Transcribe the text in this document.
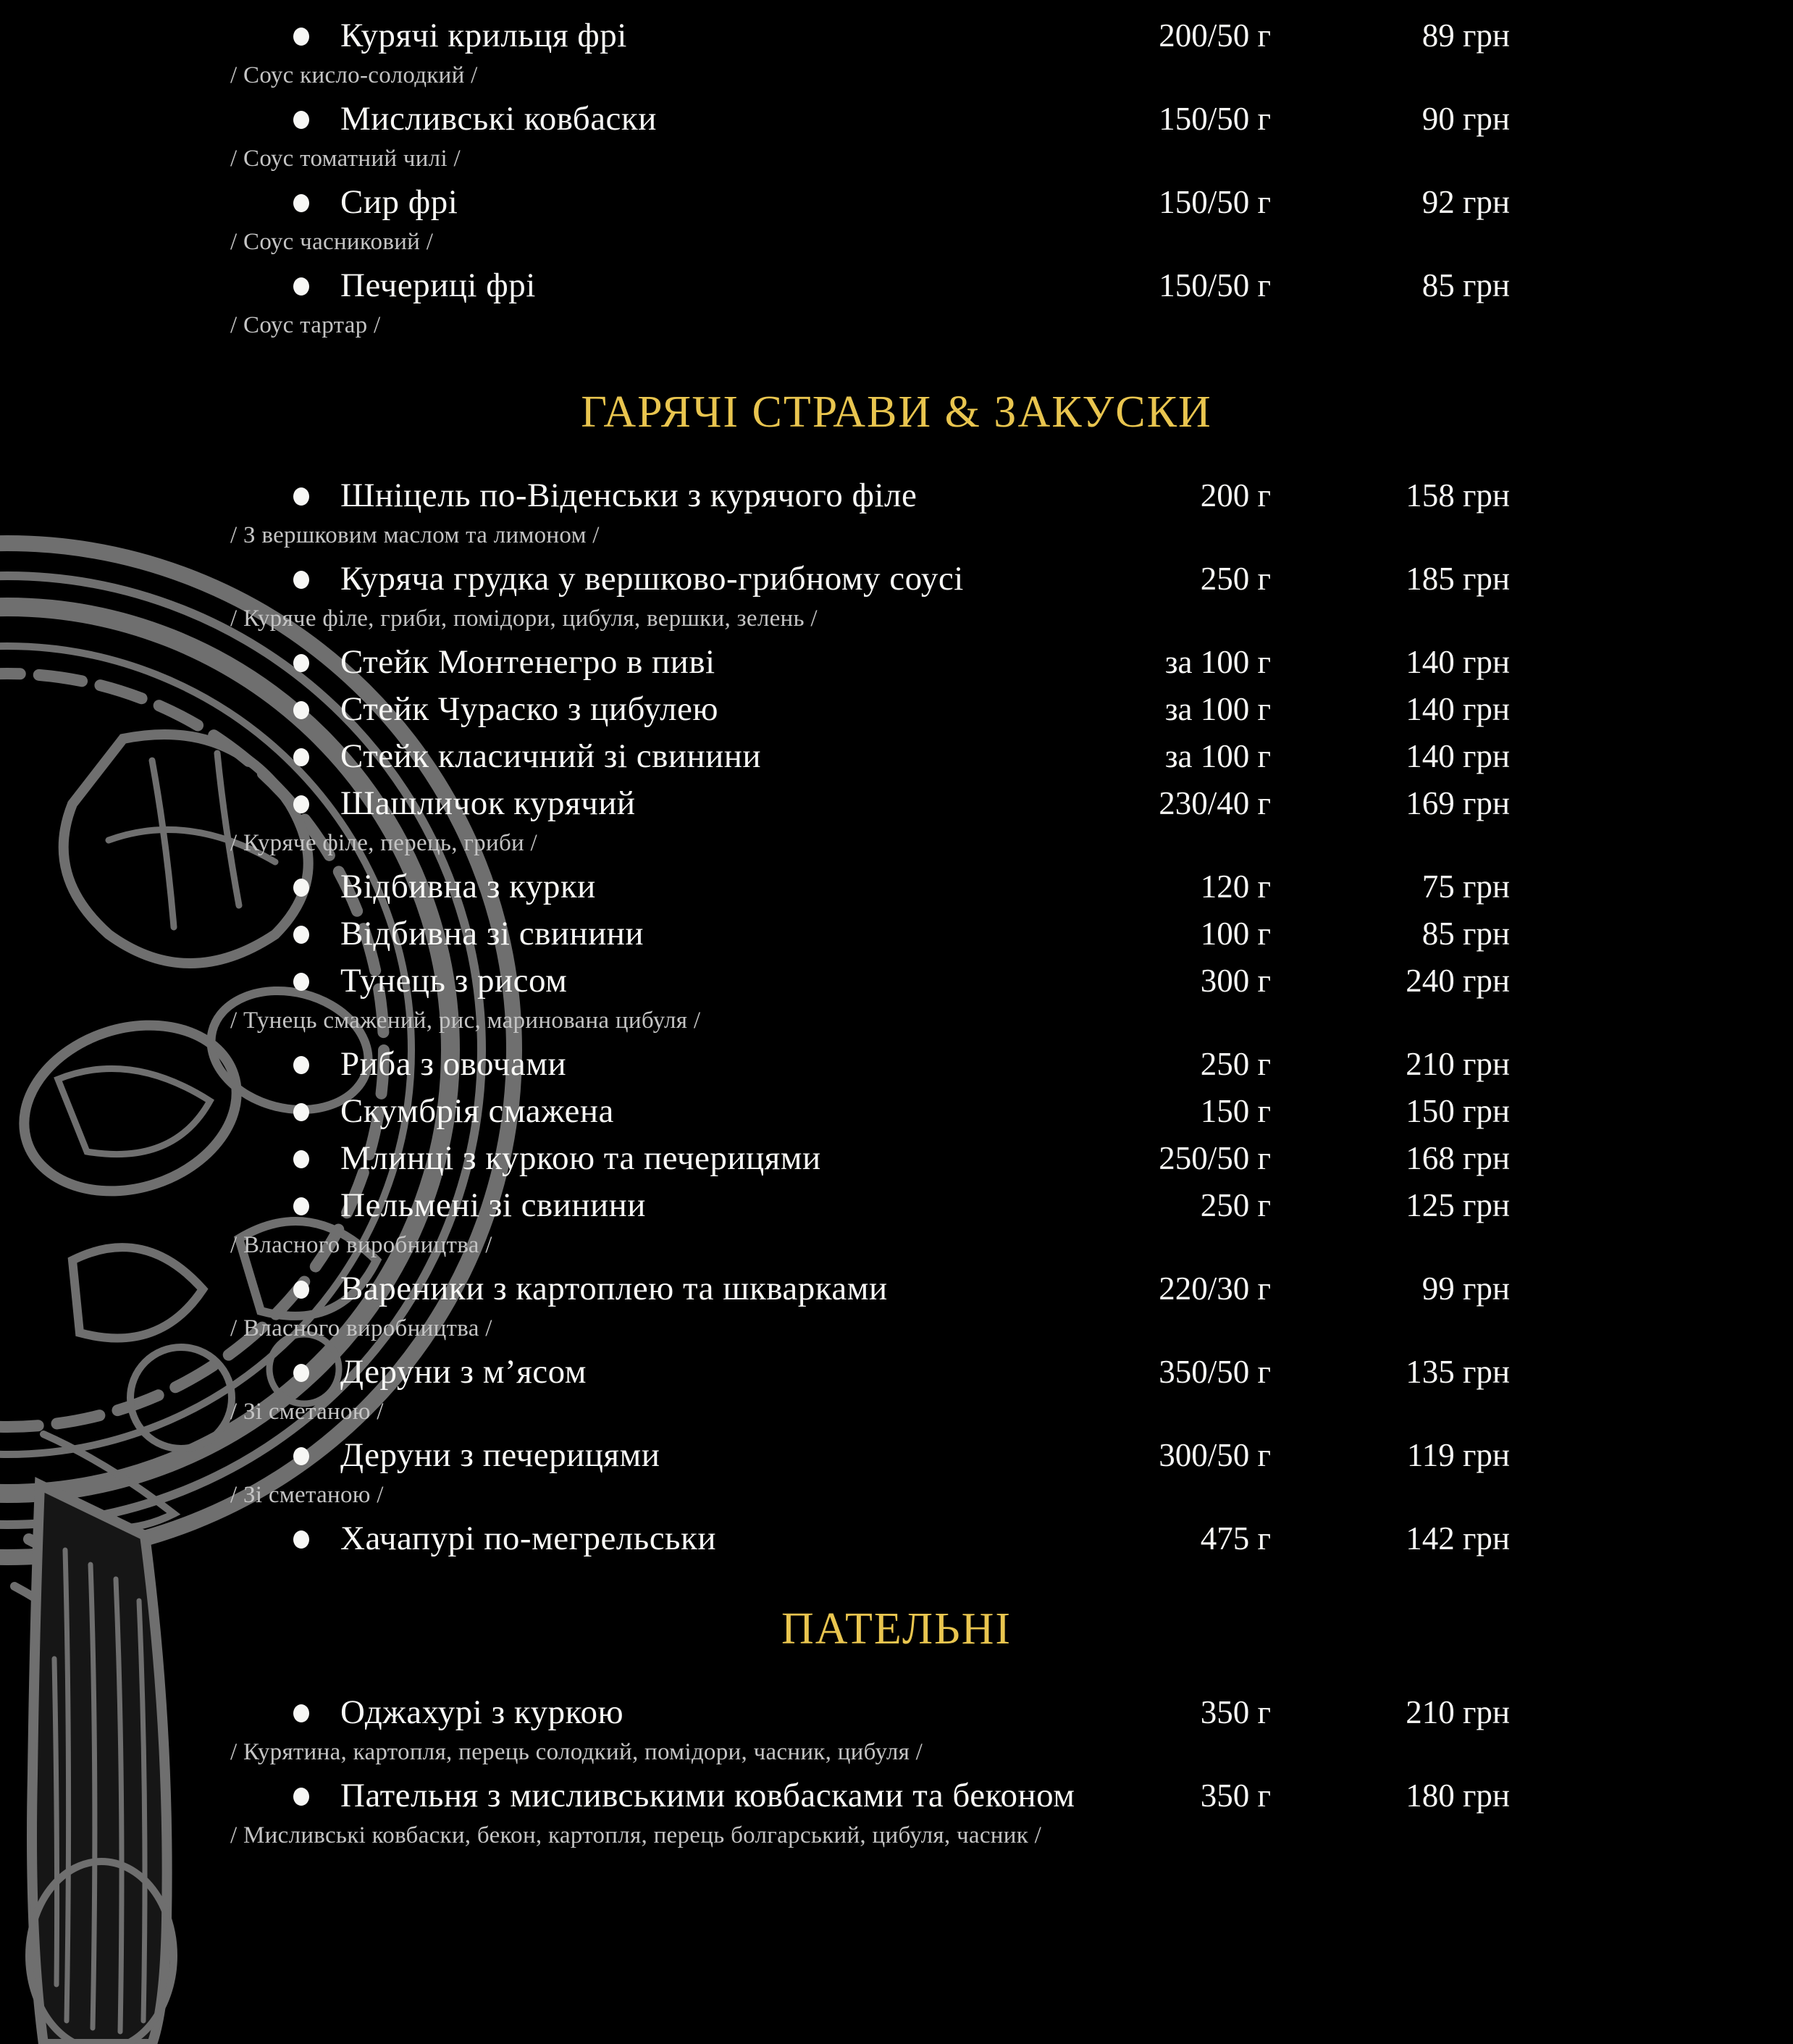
Курячі крильця фрі	200/50 г	89 грн
/ Соус кисло-солодкий /
Мисливські ковбаски	150/50 г	90 грн
/ Соус томатний чилі /
Сир фрі	150/50 г	92 грн
/ Соус часниковий /
Печериці фрі	150/50 г	85 грн
/ Соус тартар /
ГАРЯЧІ СТРАВИ & ЗАКУСКИ
Шніцель по-Віденськи з курячого філе	200 г	158 грн
/ З вершковим маслом та лимоном /
Куряча грудка у вершково-грибному соусі	250 г	185 грн
/ Куряче філе, гриби, помідори, цибуля, вершки, зелень /
Стейк Монтенегро в пиві	за 100 г	140 грн
Стейк Чураско з цибулею	за 100 г	140 грн
Стейк класичний зі свинини	за 100 г	140 грн
Шашличок курячий	230/40 г	169 грн
/ Куряче філе, перець, гриби /
Відбивна з курки	120 г	75 грн
Відбивна зі свинини	100 г	85 грн
Тунець з рисом	300 г	240 грн
/ Тунець смажений, рис, маринована цибуля /
Риба з овочами	250 г	210 грн
Скумбрія смажена	150 г	150 грн
Млинці з куркою та печерицями	250/50 г	168 грн
Пельмені зі свинини	250 г	125 грн
/ Власного виробництва /
Вареники з картоплею та шкварками	220/30 г	99 грн
/ Власного виробництва /
Деруни з м’ясом	350/50 г	135 грн
/ Зі сметаною /
Деруни з печерицями	300/50 г	119 грн
/ Зі сметаною /
Хачапурі по-мегрельськи	475 г	142 грн
ПАТЕЛЬНІ
Оджахурі з куркою	350 г	210 грн
/ Курятина, картопля, перець солодкий, помідори, часник, цибуля /
Пательня з мисливськими ковбасками та беконом	350 г	180 грн
/ Мисливські ковбаски, бекон, картопля, перець болгарський, цибуля, часник /
